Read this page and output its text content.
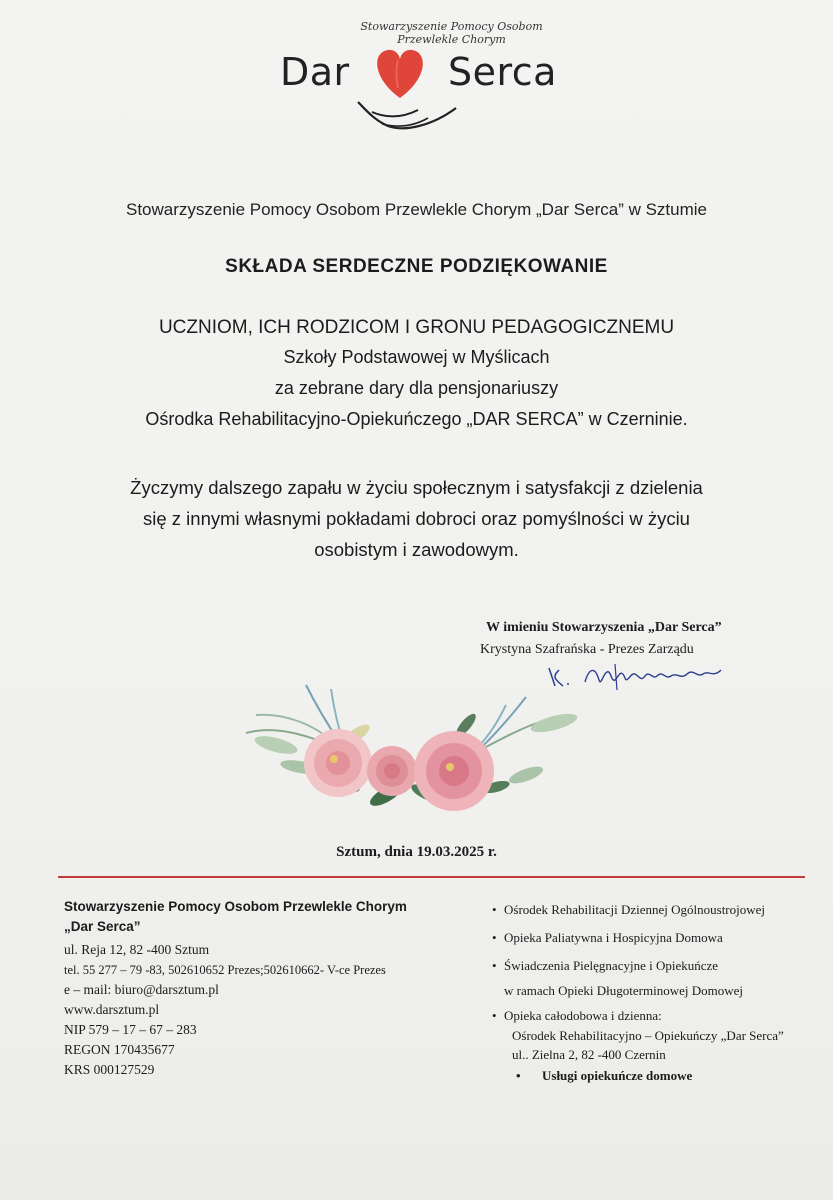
Stowarzyszenie Pomocy Osobom
Przewlekle Chorym
Dar	Serca
Stowarzyszenie Pomocy Osobom Przewlekle Chorym „Dar Serca” w Sztumie
SKŁADA SERDECZNE PODZIĘKOWANIE
UCZNIOM, ICH RODZICOM I GRONU PEDAGOGICZNEMU
Szkoły Podstawowej w Myślicach
za zebrane dary dla pensjonariuszy
Ośrodka Rehabilitacyjno-Opiekuńczego „DAR SERCA” w Czerninie.
Życzymy dalszego zapału w życiu społecznym i satysfakcji z dzielenia
się z innymi własnymi pokładami dobroci oraz pomyślności w życiu
osobistym i zawodowym.
W imieniu Stowarzyszenia „Dar Serca”
Krystyna Szafrańska - Prezes Zarządu
Sztum, dnia 19.03.2025 r.
Stowarzyszenie Pomocy Osobom Przewlekle Chorym
„Dar Serca”
ul. Reja 12, 82 -400 Sztum
tel. 55 277 – 79 -83, 502610652 Prezes;502610662- V-ce Prezes
e – mail: biuro@darsztum.pl
www.darsztum.pl
NIP 579 – 17 – 67 – 283
REGON 170435677
KRS 000127529
• Ośrodek Rehabilitacji Dziennej Ogólnoustrojowej
• Opieka Paliatywna i Hospicyjna Domowa
• Świadczenia Pielęgnacyjne i Opiekuńcze
w ramach Opieki Długoterminowej Domowej
• Opieka całodobowa i dzienna:
Ośrodek Rehabilitacyjno – Opiekuńczy „Dar Serca”
ul.. Zielna 2, 82 -400 Czernin
• Usługi opiekuńcze domowe
